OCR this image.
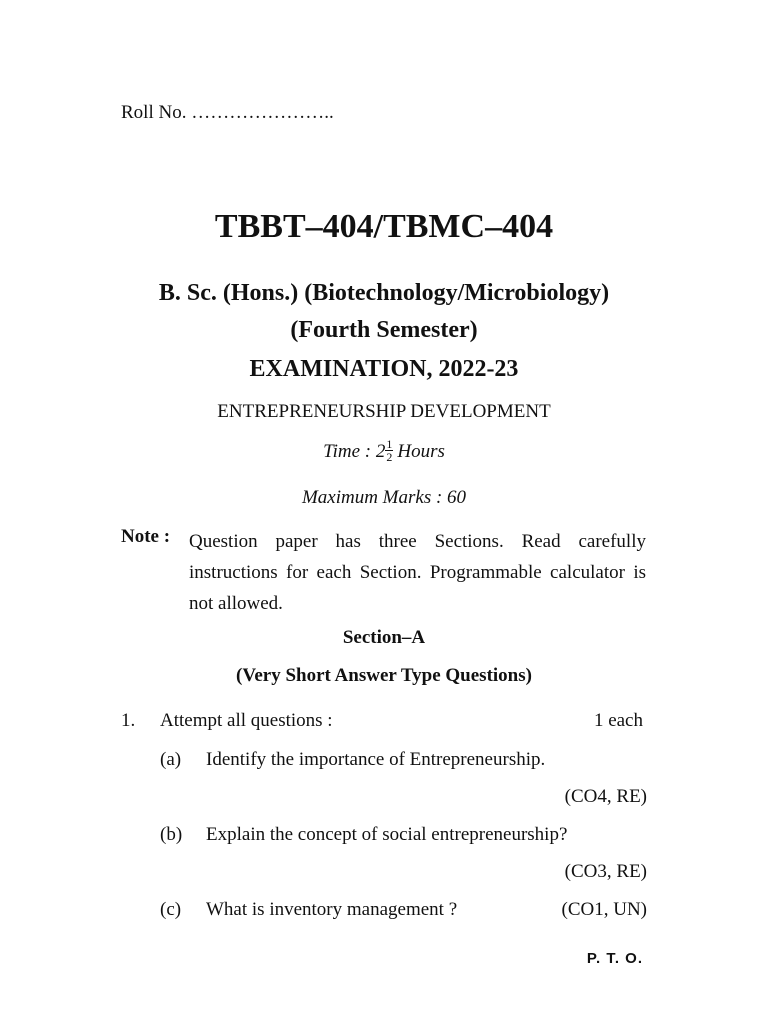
Roll No. …………………..
TBBT–404/TBMC–404
B. Sc. (Hons.) (Biotechnology/Microbiology)
(Fourth Semester)
EXAMINATION, 2022-23
ENTREPRENEURSHIP DEVELOPMENT
Time : $2 \frac{1}{2}$ Hours
Maximum Marks : 60
Note : Question paper has three Sections. Read carefully instructions for each Section. Programmable calculator is not allowed.
Section–A
(Very Short Answer Type Questions)
1. Attempt all questions :	1 each
(a) Identify the importance of Entrepreneurship.
(CO4, RE)
(b) Explain the concept of social entrepreneurship?
(CO3, RE)
(c) What is inventory management ?	(CO1, UN)
P. T. O.
